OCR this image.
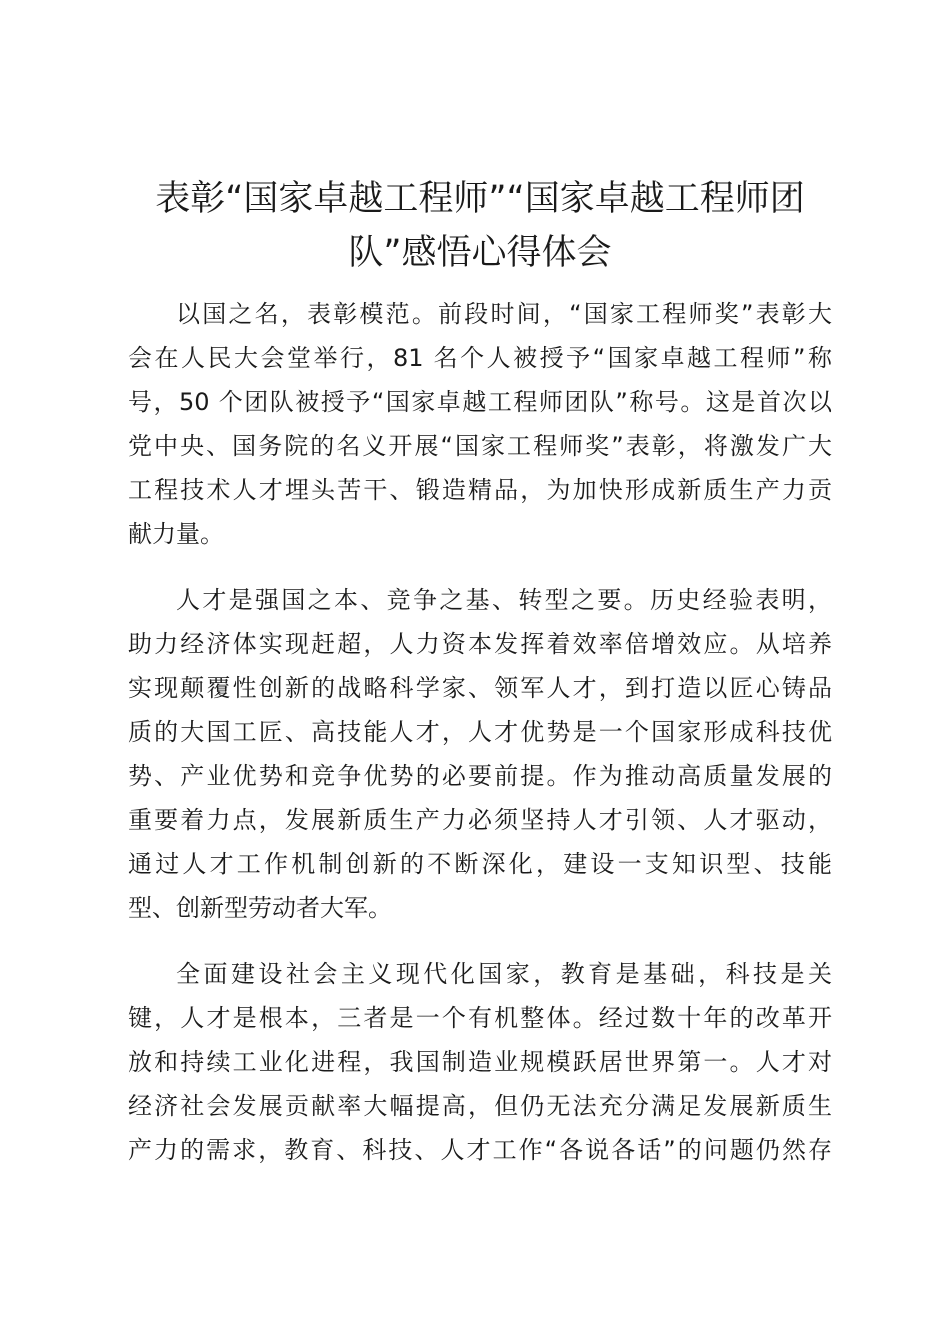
表彰“国家卓越工程师”“国家卓越工程师团
队”感悟心得体会

以国之名，表彰模范。前段时间，“国家工程师奖”表彰大
会在人民大会堂举行，81 名个人被授予“国家卓越工程师”称
号，50 个团队被授予“国家卓越工程师团队”称号。这是首次以
党中央、国务院的名义开展“国家工程师奖”表彰，将激发广大
工程技术人才埋头苦干、锻造精品，为加快形成新质生产力贡
献力量。

人才是强国之本、竞争之基、转型之要。历史经验表明，
助力经济体实现赶超，人力资本发挥着效率倍增效应。从培养
实现颠覆性创新的战略科学家、领军人才，到打造以匠心铸品
质的大国工匠、高技能人才，人才优势是一个国家形成科技优
势、产业优势和竞争优势的必要前提。作为推动高质量发展的
重要着力点，发展新质生产力必须坚持人才引领、人才驱动，
通过人才工作机制创新的不断深化，建设一支知识型、技能
型、创新型劳动者大军。

全面建设社会主义现代化国家，教育是基础，科技是关
键，人才是根本，三者是一个有机整体。经过数十年的改革开
放和持续工业化进程，我国制造业规模跃居世界第一。人才对
经济社会发展贡献率大幅提高，但仍无法充分满足发展新质生
产力的需求，教育、科技、人才工作“各说各话”的问题仍然存
